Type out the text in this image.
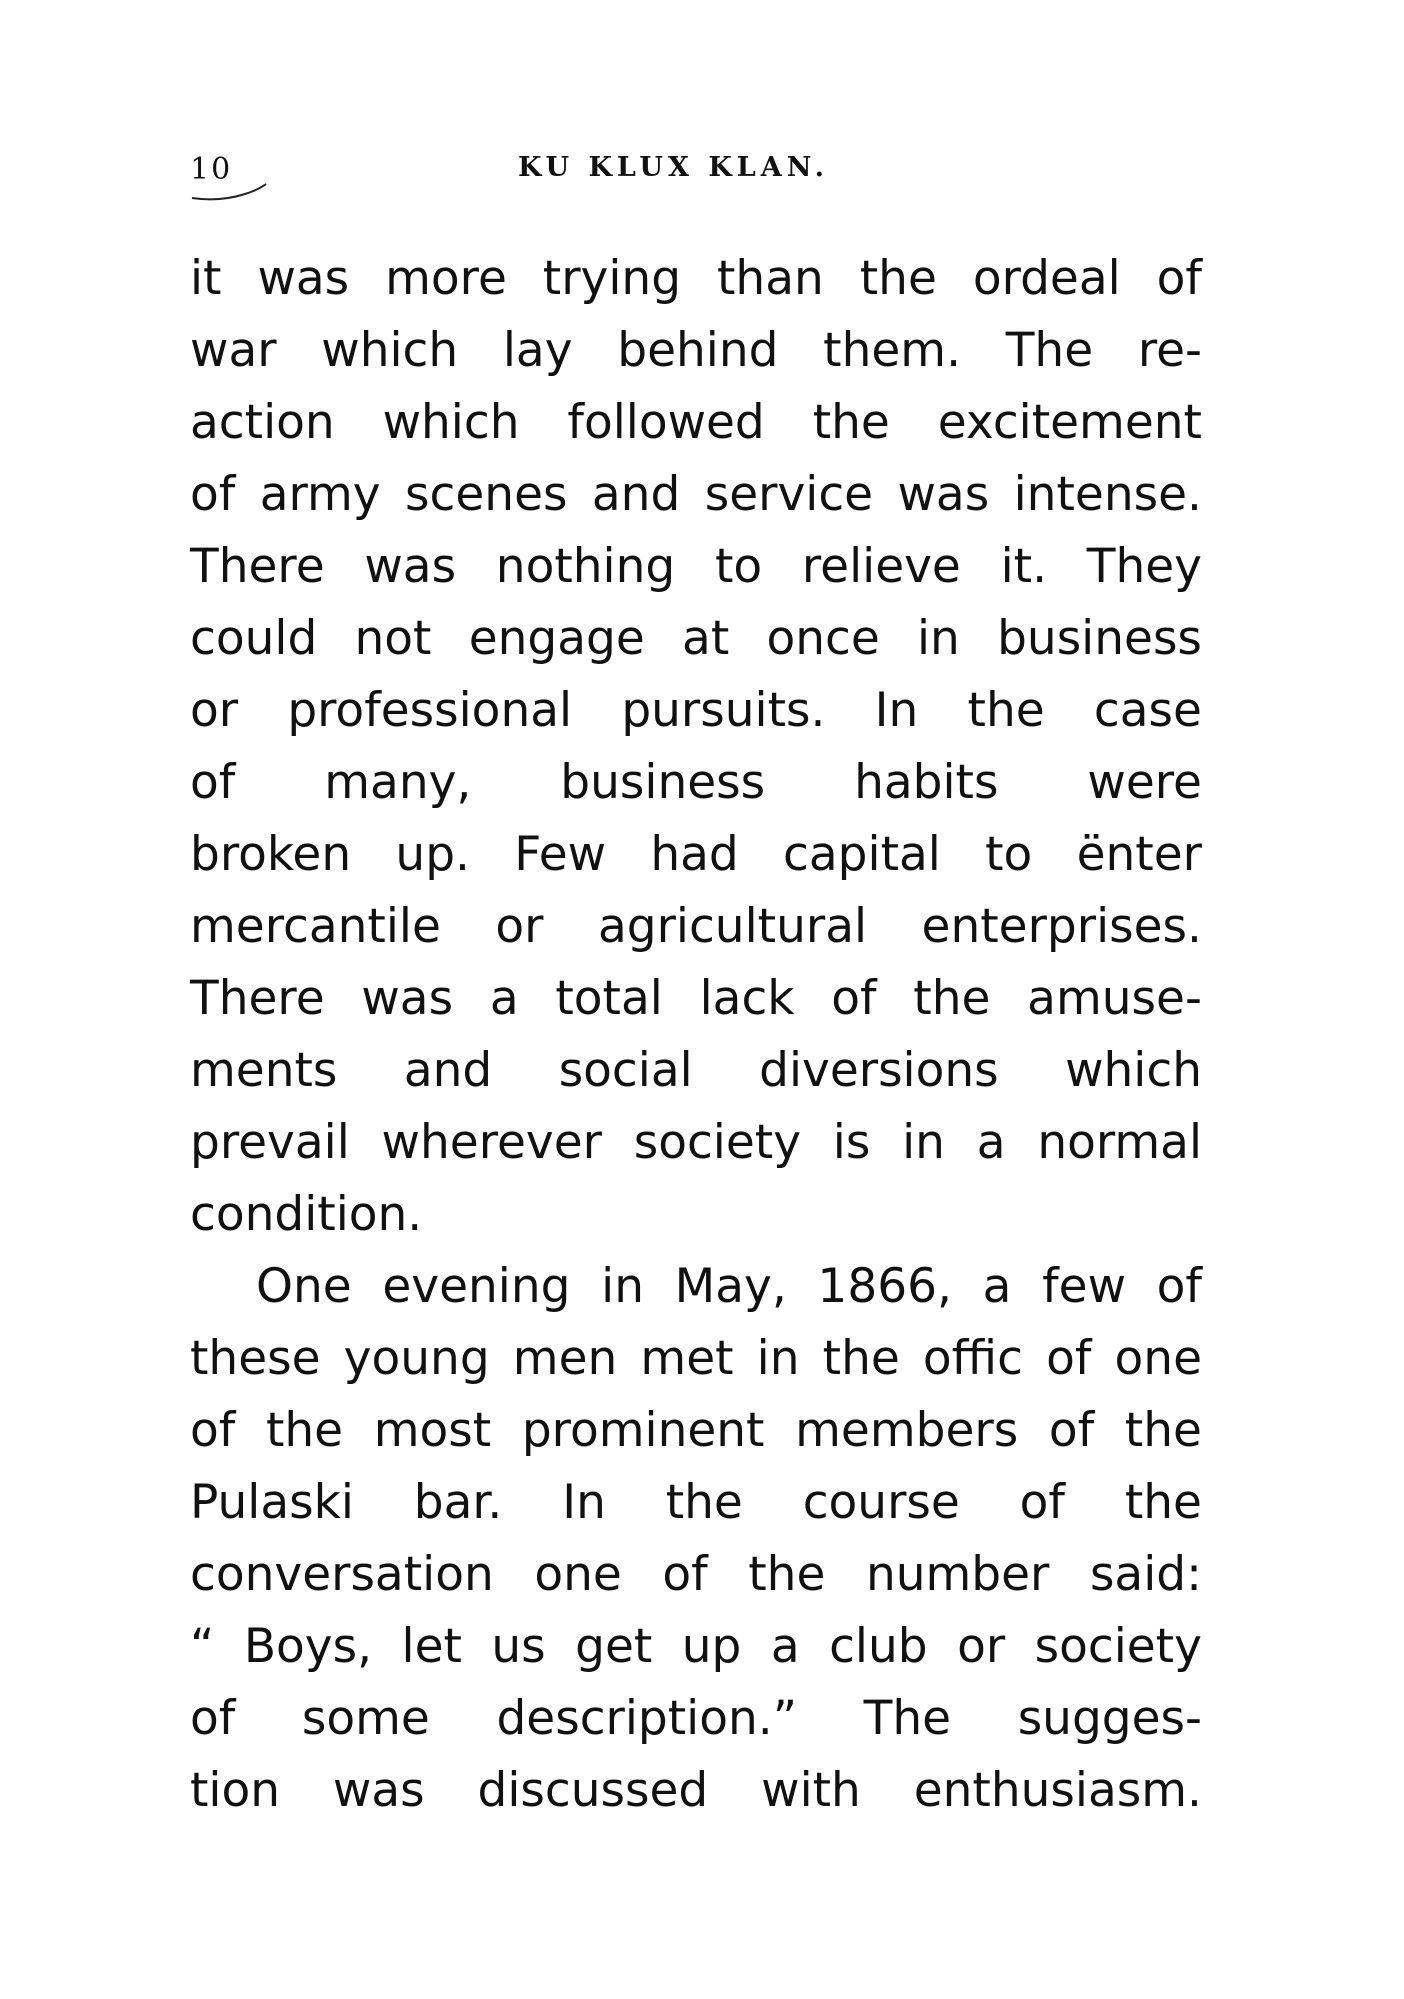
10	KU KLUX KLAN.
it was more trying than the ordeal of
war which lay behind them. The re-
action which followed the excitement
of army scenes and service was intense.
There was nothing to relieve it. They
could not engage at once in business
or professional pursuits. In the case
of many, business habits were
broken up. Few had capital to ënter
mercantile or agricultural enterprises.
There was a total lack of the amuse-
ments and social diversions which
prevail wherever society is in a normal
condition.
One evening in May, 1866, a few of
these young men met in the offic of one
of the most prominent members of the
Pulaski bar. In the course of the
conversation one of the number said:
“ Boys, let us get up a club or society
of some description.” The sugges-
tion was discussed with enthusiasm.
